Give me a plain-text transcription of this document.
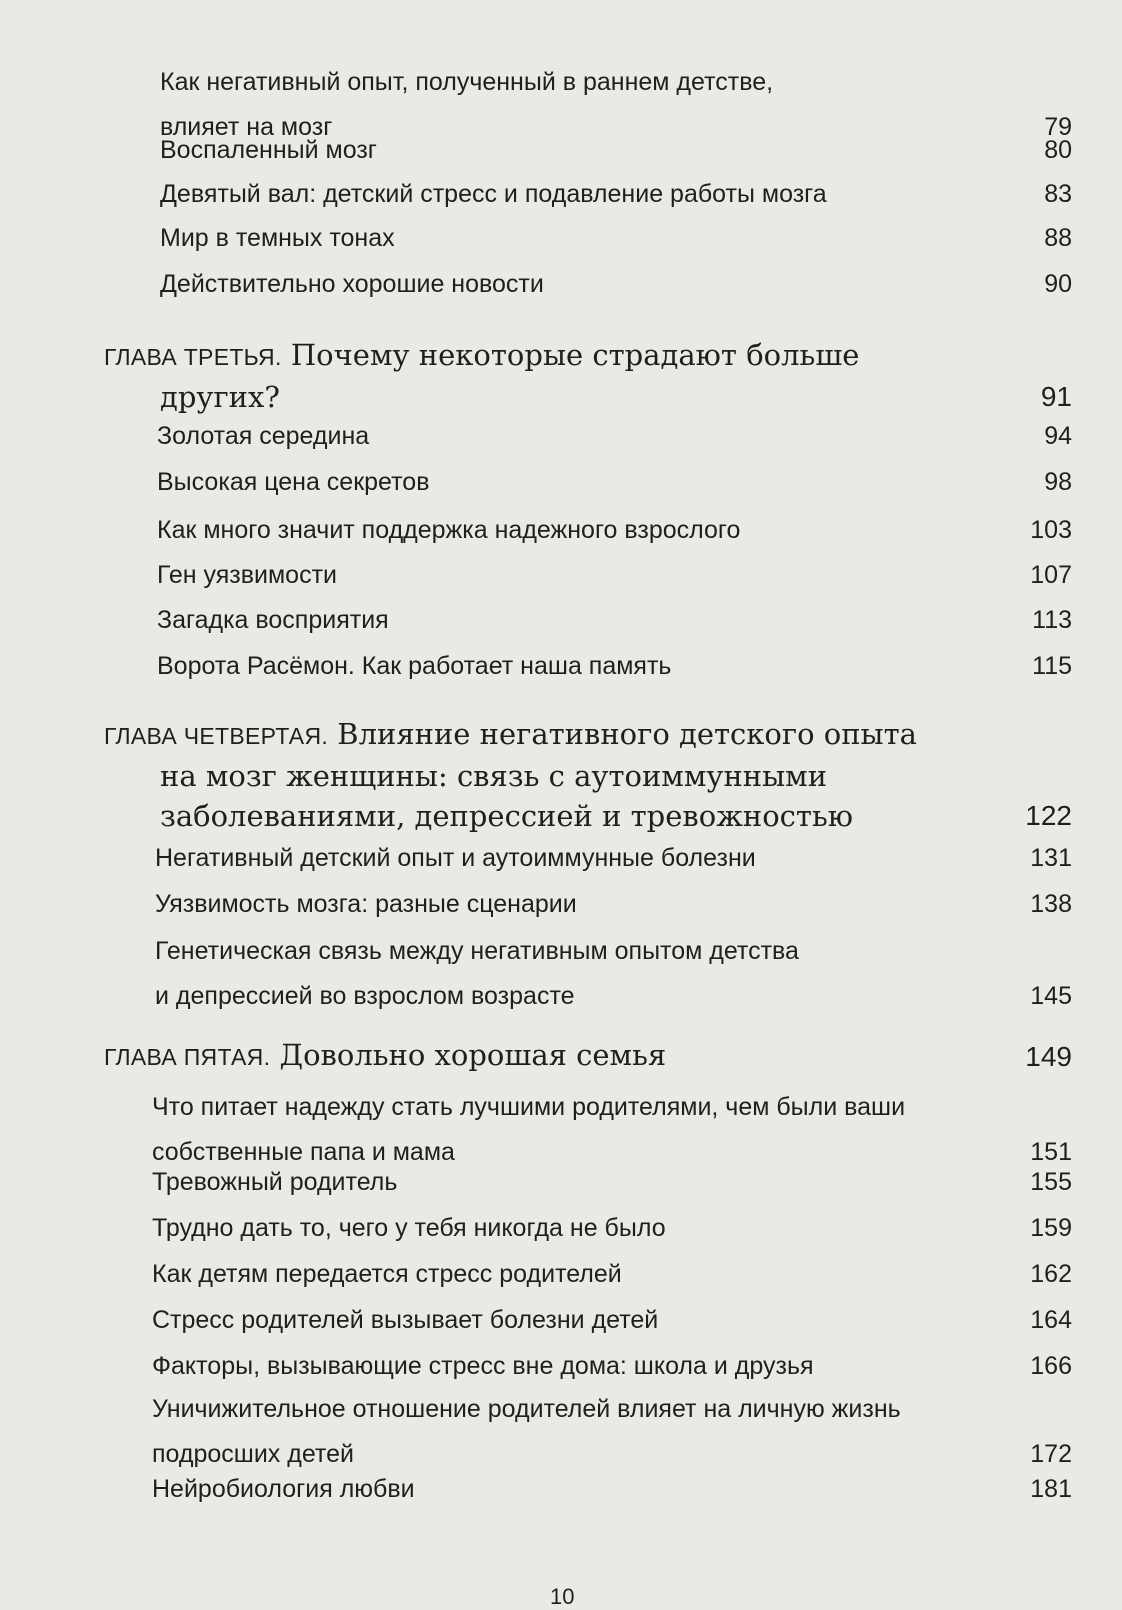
Как негативный опыт, полученный в раннем детстве,
влияет на мозг	79
Воспаленный мозг	80
Девятый вал: детский стресс и подавление работы мозга	83
Мир в темных тонах	88
Действительно хорошие новости	90
ГЛАВА ТРЕТЬЯ. Почему некоторые страдают больше
других?	91
Золотая середина	94
Высокая цена секретов	98
Как много значит поддержка надежного взрослого	103
Ген уязвимости	107
Загадка восприятия	113
Ворота Расёмон. Как работает наша память	115
ГЛАВА ЧЕТВЕРТАЯ. Влияние негативного детского опыта
на мозг женщины: связь с аутоиммунными
заболеваниями, депрессией и тревожностью	122
Негативный детский опыт и аутоиммунные болезни	131
Уязвимость мозга: разные сценарии	138
Генетическая связь между негативным опытом детства
и депрессией во взрослом возрасте	145
ГЛАВА ПЯТАЯ. Довольно хорошая семья	149
Что питает надежду стать лучшими родителями, чем были ваши
собственные папа и мама	151
Тревожный родитель	155
Трудно дать то, чего у тебя никогда не было	159
Как детям передается стресс родителей	162
Стресс родителей вызывает болезни детей	164
Факторы, вызывающие стресс вне дома: школа и друзья	166
Уничижительное отношение родителей влияет на личную жизнь
подросших детей	172
Нейробиология любви	181
10
